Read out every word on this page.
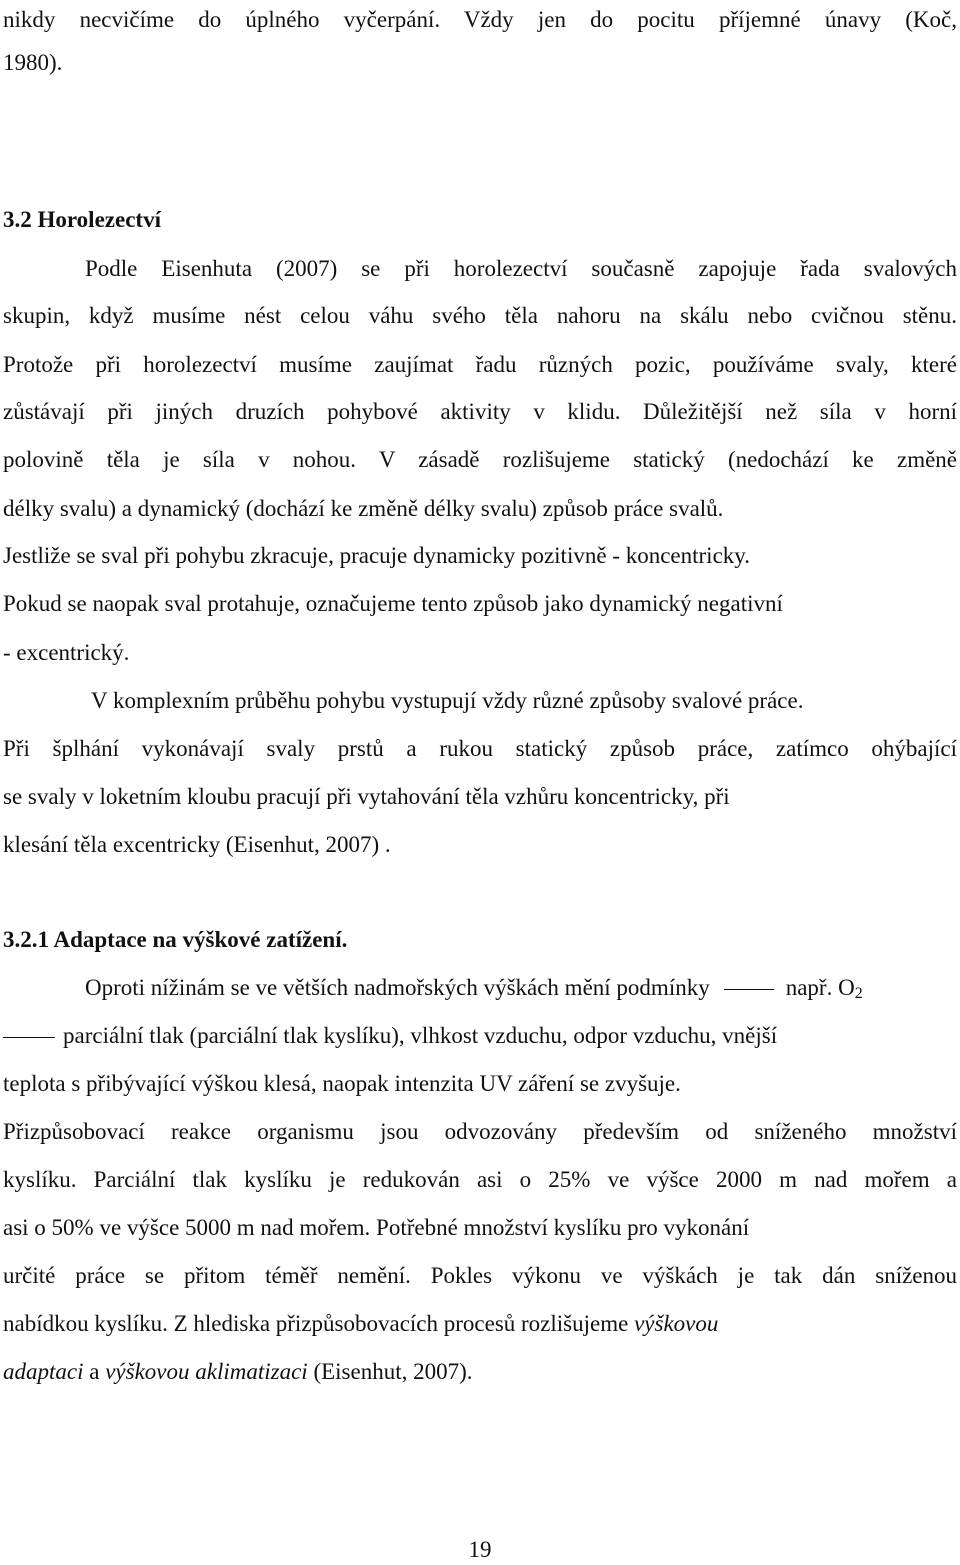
nikdy necvičíme do úplného vyčerpání. Vždy jen do pocitu příjemné únavy (Koč,
1980).
3.2 Horolezectví
Podle Eisenhuta (2007) se při horolezectví současně zapojuje řada svalových
skupin, když musíme nést celou váhu svého těla nahoru na skálu nebo cvičnou stěnu.
Protože při horolezectví musíme zaujímat řadu různých pozic, používáme svaly, které
zůstávají při jiných druzích pohybové aktivity v klidu. Důležitější než síla v horní
polovině těla je síla v nohou. V zásadě rozlišujeme statický (nedochází ke změně
délky svalu) a dynamický (dochází ke změně délky svalu) způsob práce svalů.
Jestliže se sval při pohybu zkracuje, pracuje dynamicky pozitivně - koncentricky.
Pokud se naopak sval protahuje, označujeme tento způsob jako dynamický negativní
- excentrický.
V komplexním průběhu pohybu vystupují vždy různé způsoby svalové práce.
Při šplhání vykonávají svaly prstů a rukou statický způsob práce, zatímco ohýbající
se svaly v loketním kloubu pracují při vytahování těla vzhůru koncentricky, při
klesání těla excentricky (Eisenhut, 2007) .
3.2.1 Adaptace na výškové zatížení.
Oproti nížinám se ve větších nadmořských výškách mění podmínky	např. O2
parciální tlak (parciální tlak kyslíku), vlhkost vzduchu, odpor vzduchu, vnější
teplota s přibývající výškou klesá, naopak intenzita UV záření se zvyšuje.
Přizpůsobovací reakce organismu jsou odvozovány především od sníženého množství
kyslíku. Parciální tlak kyslíku je redukován asi o 25% ve výšce 2000 m nad mořem a
asi o 50% ve výšce 5000 m nad mořem. Potřebné množství kyslíku pro vykonání
určité práce se přitom téměř nemění. Pokles výkonu ve výškách je tak dán sníženou
nabídkou kyslíku. Z hlediska přizpůsobovacích procesů rozlišujeme výškovou
adaptaci a výškovou aklimatizaci (Eisenhut, 2007).
19
